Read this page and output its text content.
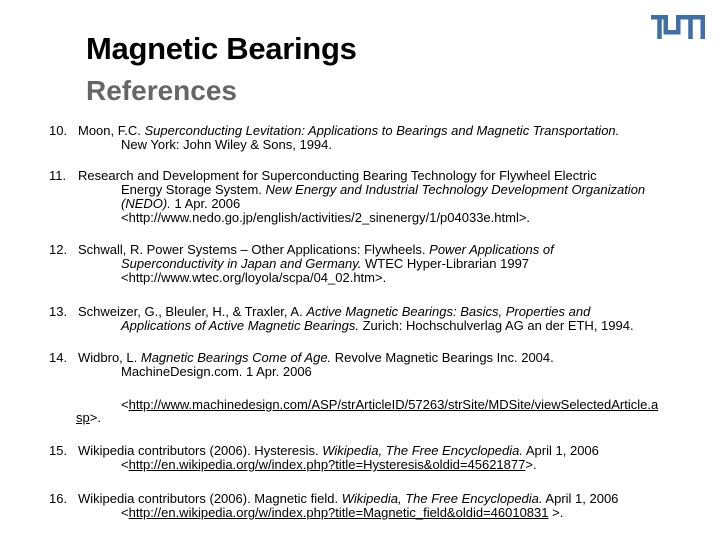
Magnetic Bearings
References
10. Moon, F.C. Superconducting Levitation: Applications to Bearings and Magnetic Transportation.
New York: John Wiley & Sons, 1994.
11. Research and Development for Superconducting Bearing Technology for Flywheel Electric
Energy Storage System. New Energy and Industrial Technology Development Organization
(NEDO). 1 Apr. 2006
<http://www.nedo.go.jp/english/activities/2_sinenergy/1/p04033e.html>.
12. Schwall, R. Power Systems – Other Applications: Flywheels. Power Applications of
Superconductivity in Japan and Germany. WTEC Hyper-Librarian 1997
<http://www.wtec.org/loyola/scpa/04_02.htm>.
13. Schweizer, G., Bleuler, H., & Traxler, A. Active Magnetic Bearings: Basics, Properties and
Applications of Active Magnetic Bearings. Zurich: Hochschulverlag AG an der ETH, 1994.
14. Widbro, L. Magnetic Bearings Come of Age. Revolve Magnetic Bearings Inc. 2004.
MachineDesign.com. 1 Apr. 2006
<http://www.machinedesign.com/ASP/strArticleID/57263/strSite/MDSite/viewSelectedArticle.a
sp>.
15. Wikipedia contributors (2006). Hysteresis. Wikipedia, The Free Encyclopedia. April 1, 2006
<http://en.wikipedia.org/w/index.php?title=Hysteresis&oldid=45621877>.
16. Wikipedia contributors (2006). Magnetic field. Wikipedia, The Free Encyclopedia. April 1, 2006
<http://en.wikipedia.org/w/index.php?title=Magnetic_field&oldid=46010831 >.
